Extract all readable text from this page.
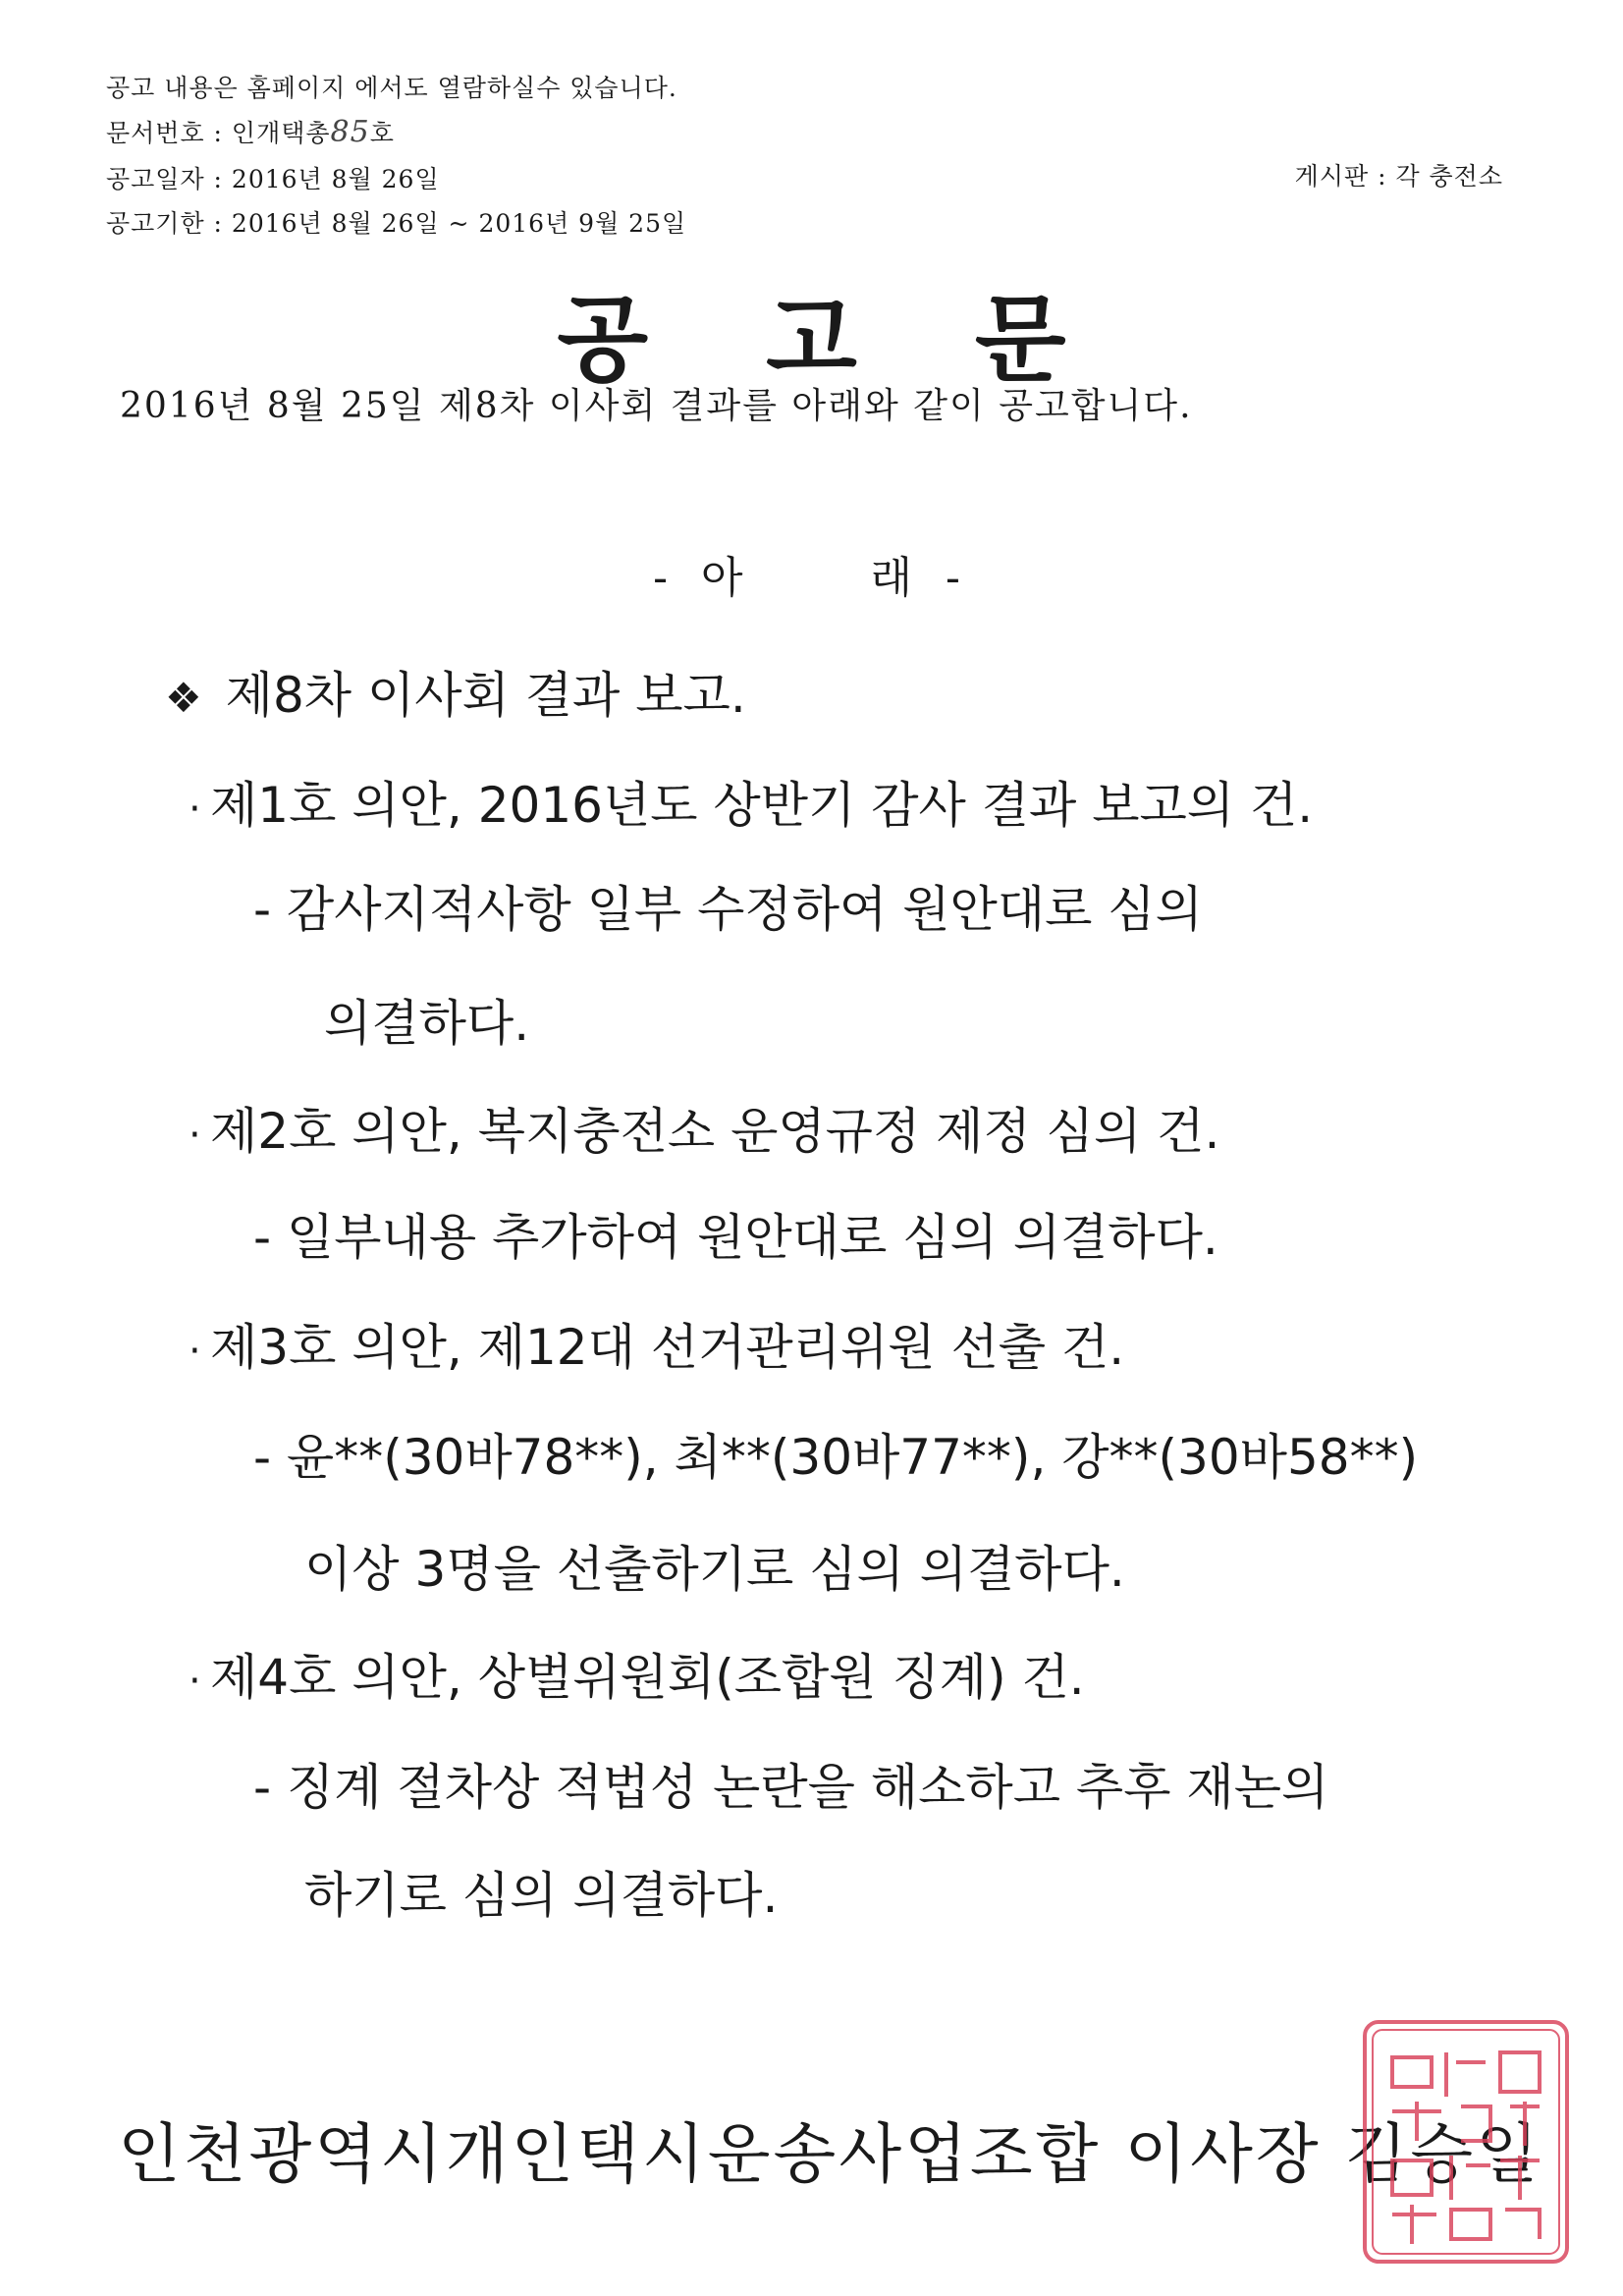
공고 내용은 홈페이지 에서도 열람하실수 있습니다.
문서번호 : 인개택총85호
공고일자 : 2016년 8월 26일
공고기한 : 2016년 8월 26일 ~ 2016년 9월 25일
게시판 : 각 충전소
공고문
2016년 8월 25일 제8차 이사회 결과를 아래와 같이 공고합니다.
- 아	래 -
❖ 제8차 이사회 결과 보고.
· 제1호 의안, 2016년도 상반기 감사 결과 보고의 건.
- 감사지적사항 일부 수정하여 원안대로 심의
의결하다.
· 제2호 의안, 복지충전소 운영규정 제정 심의 건.
- 일부내용 추가하여 원안대로 심의 의결하다.
· 제3호 의안, 제12대 선거관리위원 선출 건.
- 윤**(30바78**), 최**(30바77**), 강**(30바58**)
이상 3명을 선출하기로 심의 의결하다.
· 제4호 의안, 상벌위원회(조합원 징계) 건.
- 징계 절차상 적법성 논란을 해소하고 추후 재논의
하기로 심의 의결하다.
인천광역시개인택시운송사업조합 이사장 김승일
